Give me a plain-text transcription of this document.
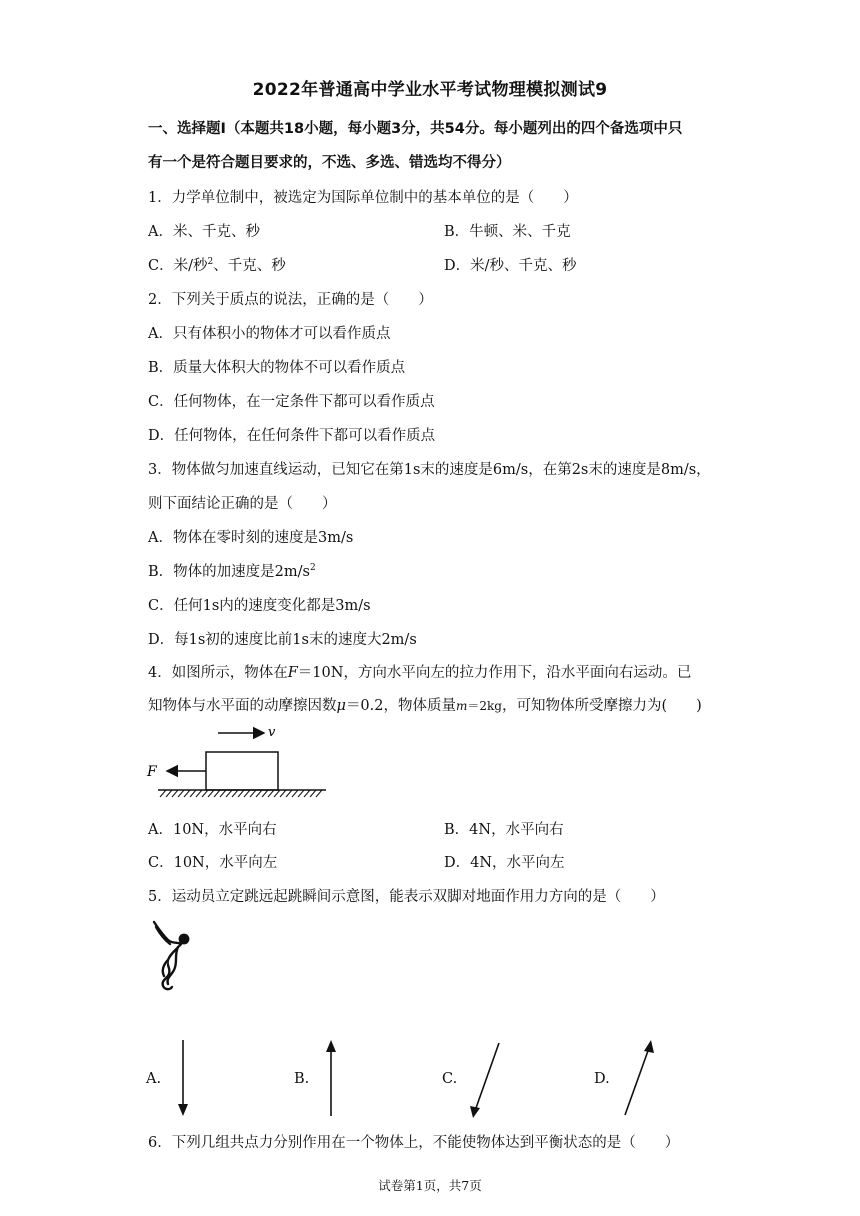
2022年普通高中学业水平考试物理模拟测试9
一、选择题Ⅰ（本题共18小题，每小题3分，共54分。每小题列出的四个备选项中只
有一个是符合题目要求的，不选、多选、错选均不得分）
1．力学单位制中，被选定为国际单位制中的基本单位的是（　　）
A．米、千克、秒	B．牛顿、米、千克
C．米/秒$^2$、千克、秒	D．米/秒、千克、秒
2．下列关于质点的说法，正确的是（　　）
A．只有体积小的物体才可以看作质点
B．质量大体积大的物体不可以看作质点
C．任何物体，在一定条件下都可以看作质点
D．任何物体，在任何条件下都可以看作质点
3．物体做匀加速直线运动，已知它在第1s末的速度是6m/s，在第2s末的速度是8m/s，
则下面结论正确的是（　　）
A．物体在零时刻的速度是3m/s
B．物体的加速度是$2m/s^2$
C．任何1s内的速度变化都是3m/s
D．每1s初的速度比前1s末的速度大2m/s
4．如图所示，物体在F＝10N，方向水平向左的拉力作用下，沿水平面向右运动。已
知物体与水平面的动摩擦因数μ＝0.2，物体质量m＝2kg，可知物体所受摩擦力为(　　)
v
F
A．10N，水平向右	B．4N，水平向右
C．10N，水平向左	D．4N，水平向左
5．运动员立定跳远起跳瞬间示意图，能表示双脚对地面作用力方向的是（　　）
A.	B.	C.	D.
6．下列几组共点力分别作用在一个物体上，不能使物体达到平衡状态的是（　　）
试卷第1页，共7页
